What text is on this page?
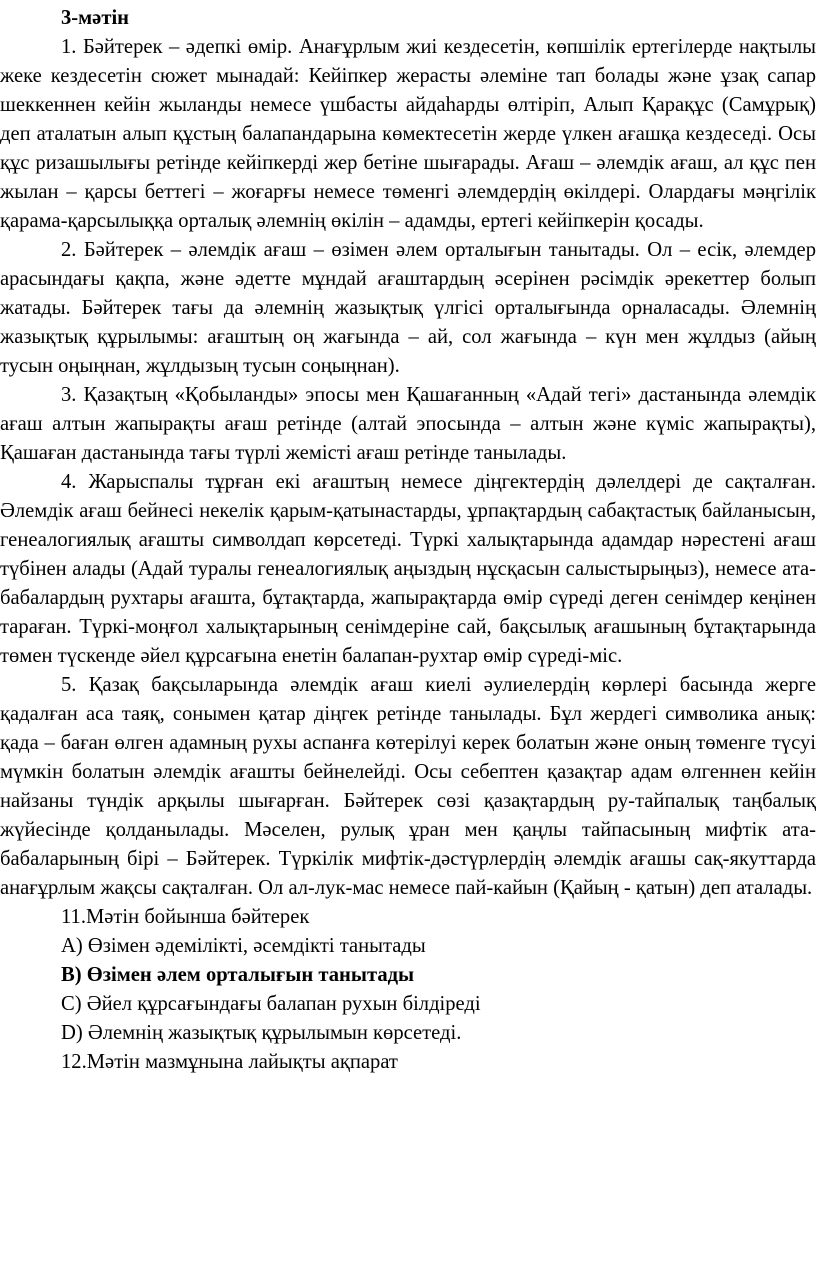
3-мәтін

1. Бәйтерек – әдепкі өмір. Анағұрлым жиі кездесетін, көпшілік ертегілерде нақтылы жеке кездесетін сюжет мынадай: Кейіпкер жерасты әлеміне тап болады және ұзақ сапар шеккеннен кейін жыланды немесе үшбасты айдаһарды өлтіріп, Алып Қарақұс (Самұрық) деп аталатын алып құстың балапандарына көмектесетін жерде үлкен ағашқа кездеседі. Осы құс ризашылығы ретінде кейіпкерді жер бетіне шығарады. Ағаш – әлемдік ағаш, ал құс пен жылан – қарсы беттегі – жоғарғы немесе төменгі әлемдердің өкілдері. Олардағы мәңгілік қарама-қарсылыққа орталық әлемнің өкілін – адамды, ертегі кейіпкерін қосады.

2. Бәйтерек – әлемдік ағаш – өзімен әлем орталығын танытады. Ол – есік, әлемдер арасындағы қақпа, және әдетте мұндай ағаштардың әсерінен рәсімдік әрекеттер болып жатады. Бәйтерек тағы да әлемнің жазықтық үлгісі орталығында орналасады. Әлемнің жазықтық құрылымы: ағаштың оң жағында – ай, сол жағында – күн мен жұлдыз (айың тусын оңыңнан, жұлдызың тусын соңыңнан).

3. Қазақтың «Қобыланды» эпосы мен Қашағанның «Адай тегі» дастанында әлемдік ағаш алтын жапырақты ағаш ретінде (алтай эпосында – алтын және күміс жапырақты), Қашаған дастанында тағы түрлі жемісті ағаш ретінде танылады.

4. Жарыспалы тұрған екі ағаштың немесе діңгектердің дәлелдері де сақталған. Әлемдік ағаш бейнесі некелік қарым-қатынастарды, ұрпақтардың сабақтастық байланысын, генеалогиялық ағашты символдап көрсетеді. Түркі халықтарында адамдар нәрестені ағаш түбінен алады (Адай туралы генеалогиялық аңыздың нұсқасын салыстырыңыз), немесе ата-бабалардың рухтары ағашта, бұтақтарда, жапырақтарда өмір сүреді деген сенімдер кеңінен тараған. Түркі-моңғол халықтарының сенімдеріне сай, бақсылық ағашының бұтақтарында төмен түскенде әйел құрсағына енетін балапан-рухтар өмір сүреді-міс.

5. Қазақ бақсыларында әлемдік ағаш киелі әулиелердің көрлері басында жерге қадалған аса таяқ, сонымен қатар діңгек ретінде танылады. Бұл жердегі символика анық: қада – баған өлген адамның рухы аспанға көтерілуі керек болатын және оның төменге түсуі мүмкін болатын әлемдік ағашты бейнелейді. Осы себептен қазақтар адам өлгеннен кейін найзаны түндік арқылы шығарған. Бәйтерек сөзі қазақтардың ру-тайпалық таңбалық жүйесінде қолданылады. Мәселен, рулық ұран мен қаңлы тайпасының мифтік ата-бабаларының бірі – Бәйтерек. Түркілік мифтік-дәстүрлердің әлемдік ағашы сақ-якуттарда анағұрлым жақсы сақталған. Ол ал-лук-мас немесе пай-кайын (Қайың - қатын) деп аталады.

11.Мәтін бойынша бәйтерек

А) Өзімен әдемілікті, әсемдікті танытады

В) Өзімен әлем орталығын танытады

С) Әйел құрсағындағы балапан рухын білдіреді

D) Әлемнің жазықтық құрылымын көрсетеді.

12.Мәтін мазмұнына лайықты ақпарат
